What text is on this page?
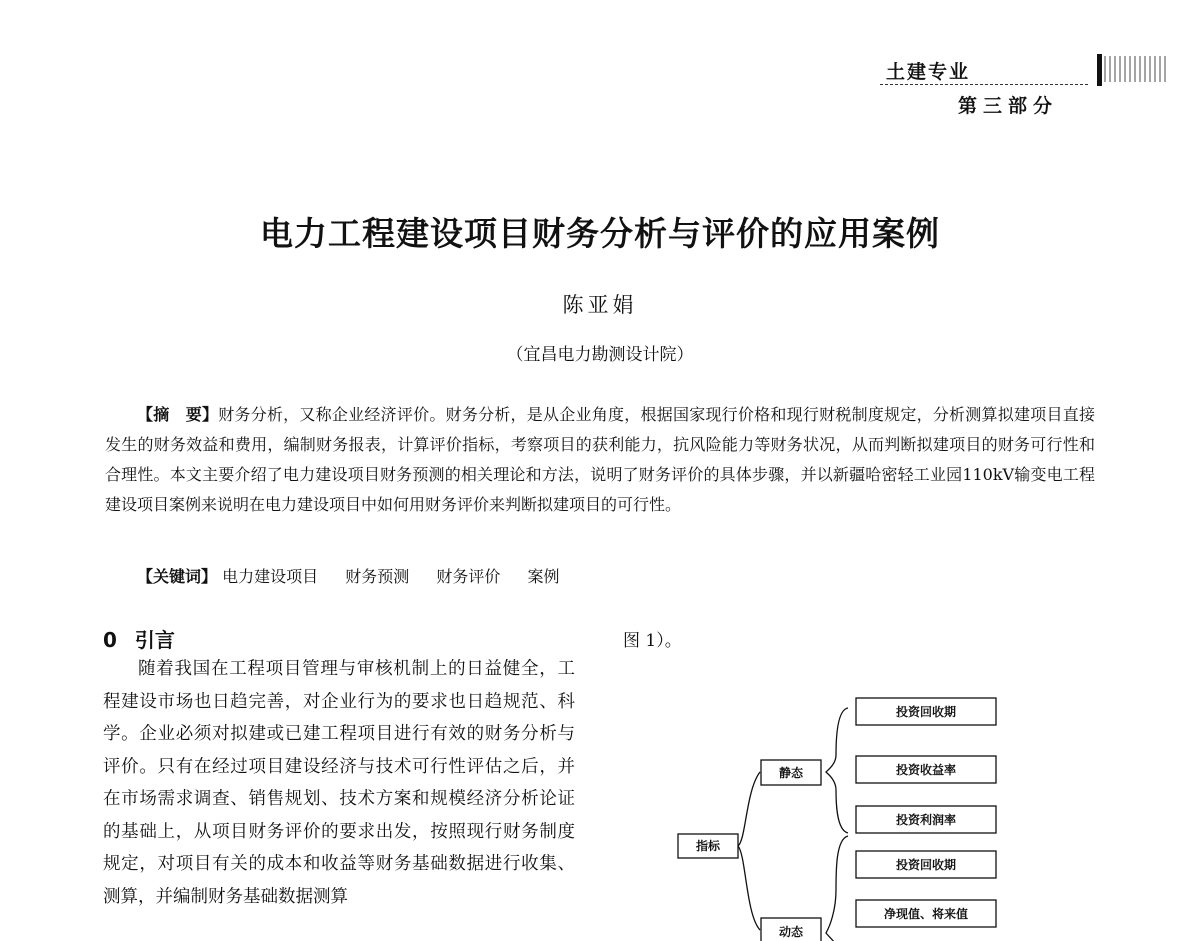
土建专业
第三部分
电力工程建设项目财务分析与评价的应用案例
陈亚娟
（宜昌电力勘测设计院）

【摘　要】财务分析，又称企业经济评价。财务分析，是从企业角度，根据国家现行价格和现行财税制度规定，分析测算拟建项目直接发生的财务效益和费用，编制财务报表，计算评价指标，考察项目的获利能力，抗风险能力等财务状况，从而判断拟建项目的财务可行性和合理性。本文主要介绍了电力建设项目财务预测的相关理论和方法，说明了财务评价的具体步骤，并以新疆哈密轻工业园110kV输变电工程建设项目案例来说明在电力建设项目中如何用财务评价来判断拟建项目的可行性。

【关键词】 电力建设项目 财务预测 财务评价 案例
0 引言

随着我国在工程项目管理与审核机制上的日益健全，工程建设市场也日趋完善，对企业行为的要求也日趋规范、科学。企业必须对拟建或已建工程项目进行有效的财务分析与评价。只有在经过项目建设经济与技术可行性评估之后，并在市场需求调查、销售规划、技术方案和规模经济分析论证的基础上，从项目财务评价的要求出发，按照现行财务制度规定，对项目有关的成本和收益等财务基础数据进行收集、测算，并编制财务基础数据测算

图 1）。
指标
静态
投资回收期
投资收益率
投资利润率
动态
投资回收期
净现值、将来值
